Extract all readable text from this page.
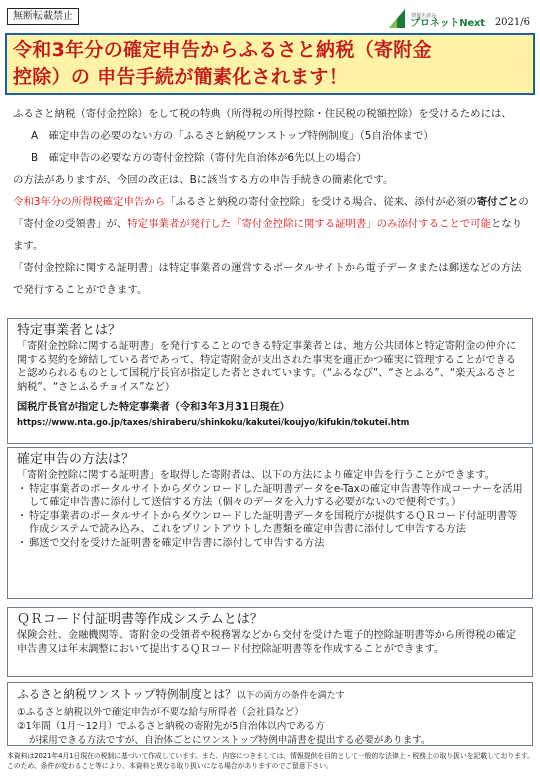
無断転載禁止	情報を読み
プロネットNext 2021/6
令和3年分の確定申告からふるさと納税（寄附金
控除）の 申告手続が簡素化されます！

ふるさと納税（寄付金控除）をして税の特典（所得税の所得控除・住民税の税額控除）を受けるためには、

A　確定申告の必要のない方の「ふるさと納税ワンストップ特例制度」（5自治体まで）

B　確定申告の必要な方の寄付金控除（寄付先自治体が6先以上の場合）

の方法がありますが、今回の改正は、Bに該当する方の申告手続きの簡素化です。

令和3年分の所得税確定申告から「ふるさと納税の寄付金控除」を受ける場合、従来、添付が必須の寄付ごとの「寄付金の受領書」が、特定事業者が発行した「寄付金控除に関する証明書」のみ添付することで可能となります。

「寄付金控除に関する証明書」は特定事業者の運営するポータルサイトから電子データまたは郵送などの方法で発行することができます。

特定事業者とは？

「寄附金控除に関する証明書」を発行することのできる特定事業者とは、地方公共団体と特定寄附金の仲介に関する契約を締結している者であって、特定寄附金が支出された事実を適正かつ確実に管理することができると認められるものとして国税庁長官が指定した者とされています。（“ふるなび”、“さとふる”、“楽天ふるさと納税”、“さとふるチョイス”など）

国税庁長官が指定した特定事業者（令和3年3月31日現在）

https://www.nta.go.jp/taxes/shiraberu/shinkoku/kakutei/koujyo/kifukin/tokutei.htm

確定申告の方法は？

「寄附金控除に関する証明書」を取得した寄附者は、以下の方法により確定申告を行うことができます。

・ 特定事業者のポータルサイトからダウンロードした証明書データをe-Taxの確定申告書等作成コーナーを活用して確定申告書に添付して送信する方法（個々のデータを入力する必要がないので便利です。）
・ 特定事業者のポータルサイトからダウンロードした証明書データを国税庁が提供するＱＲコード付証明書等作成システムで読み込み、これをプリントアウトした書類を確定申告書に添付して申告する方法
・ 郵送で交付を受けた証明書を確定申告書に添付して申告する方法
ＱＲコード付証明書等作成システムとは？

保険会社、金融機関等、寄附金の受領者や税務署などから交付を受けた電子的控除証明書等から所得税の確定申告書又は年末調整において提出するＱＲコード付控除証明書等を作成することができます。

ふるさと納税ワンストップ特例制度とは？以下の両方の条件を満たす

①ふるさと納税以外で確定申告が不要な給与所得者（会社員など）

②1年間（1月～12月）でふるさと納税の寄附先が5自治体以内である方

が採用できる方法ですが、自治体ごとにワンストップ特例申請書を提出する必要があります。

本資料は2021年4月1日現在の税制に基づいて作成しています。また、内容につきましては、情報提供を目的として一般的な法律上・税務上の取り扱いを記載しております。このため、条件が変わること等により、本資料と異なる取り扱いになる場合がありますのでご留意下さい。
